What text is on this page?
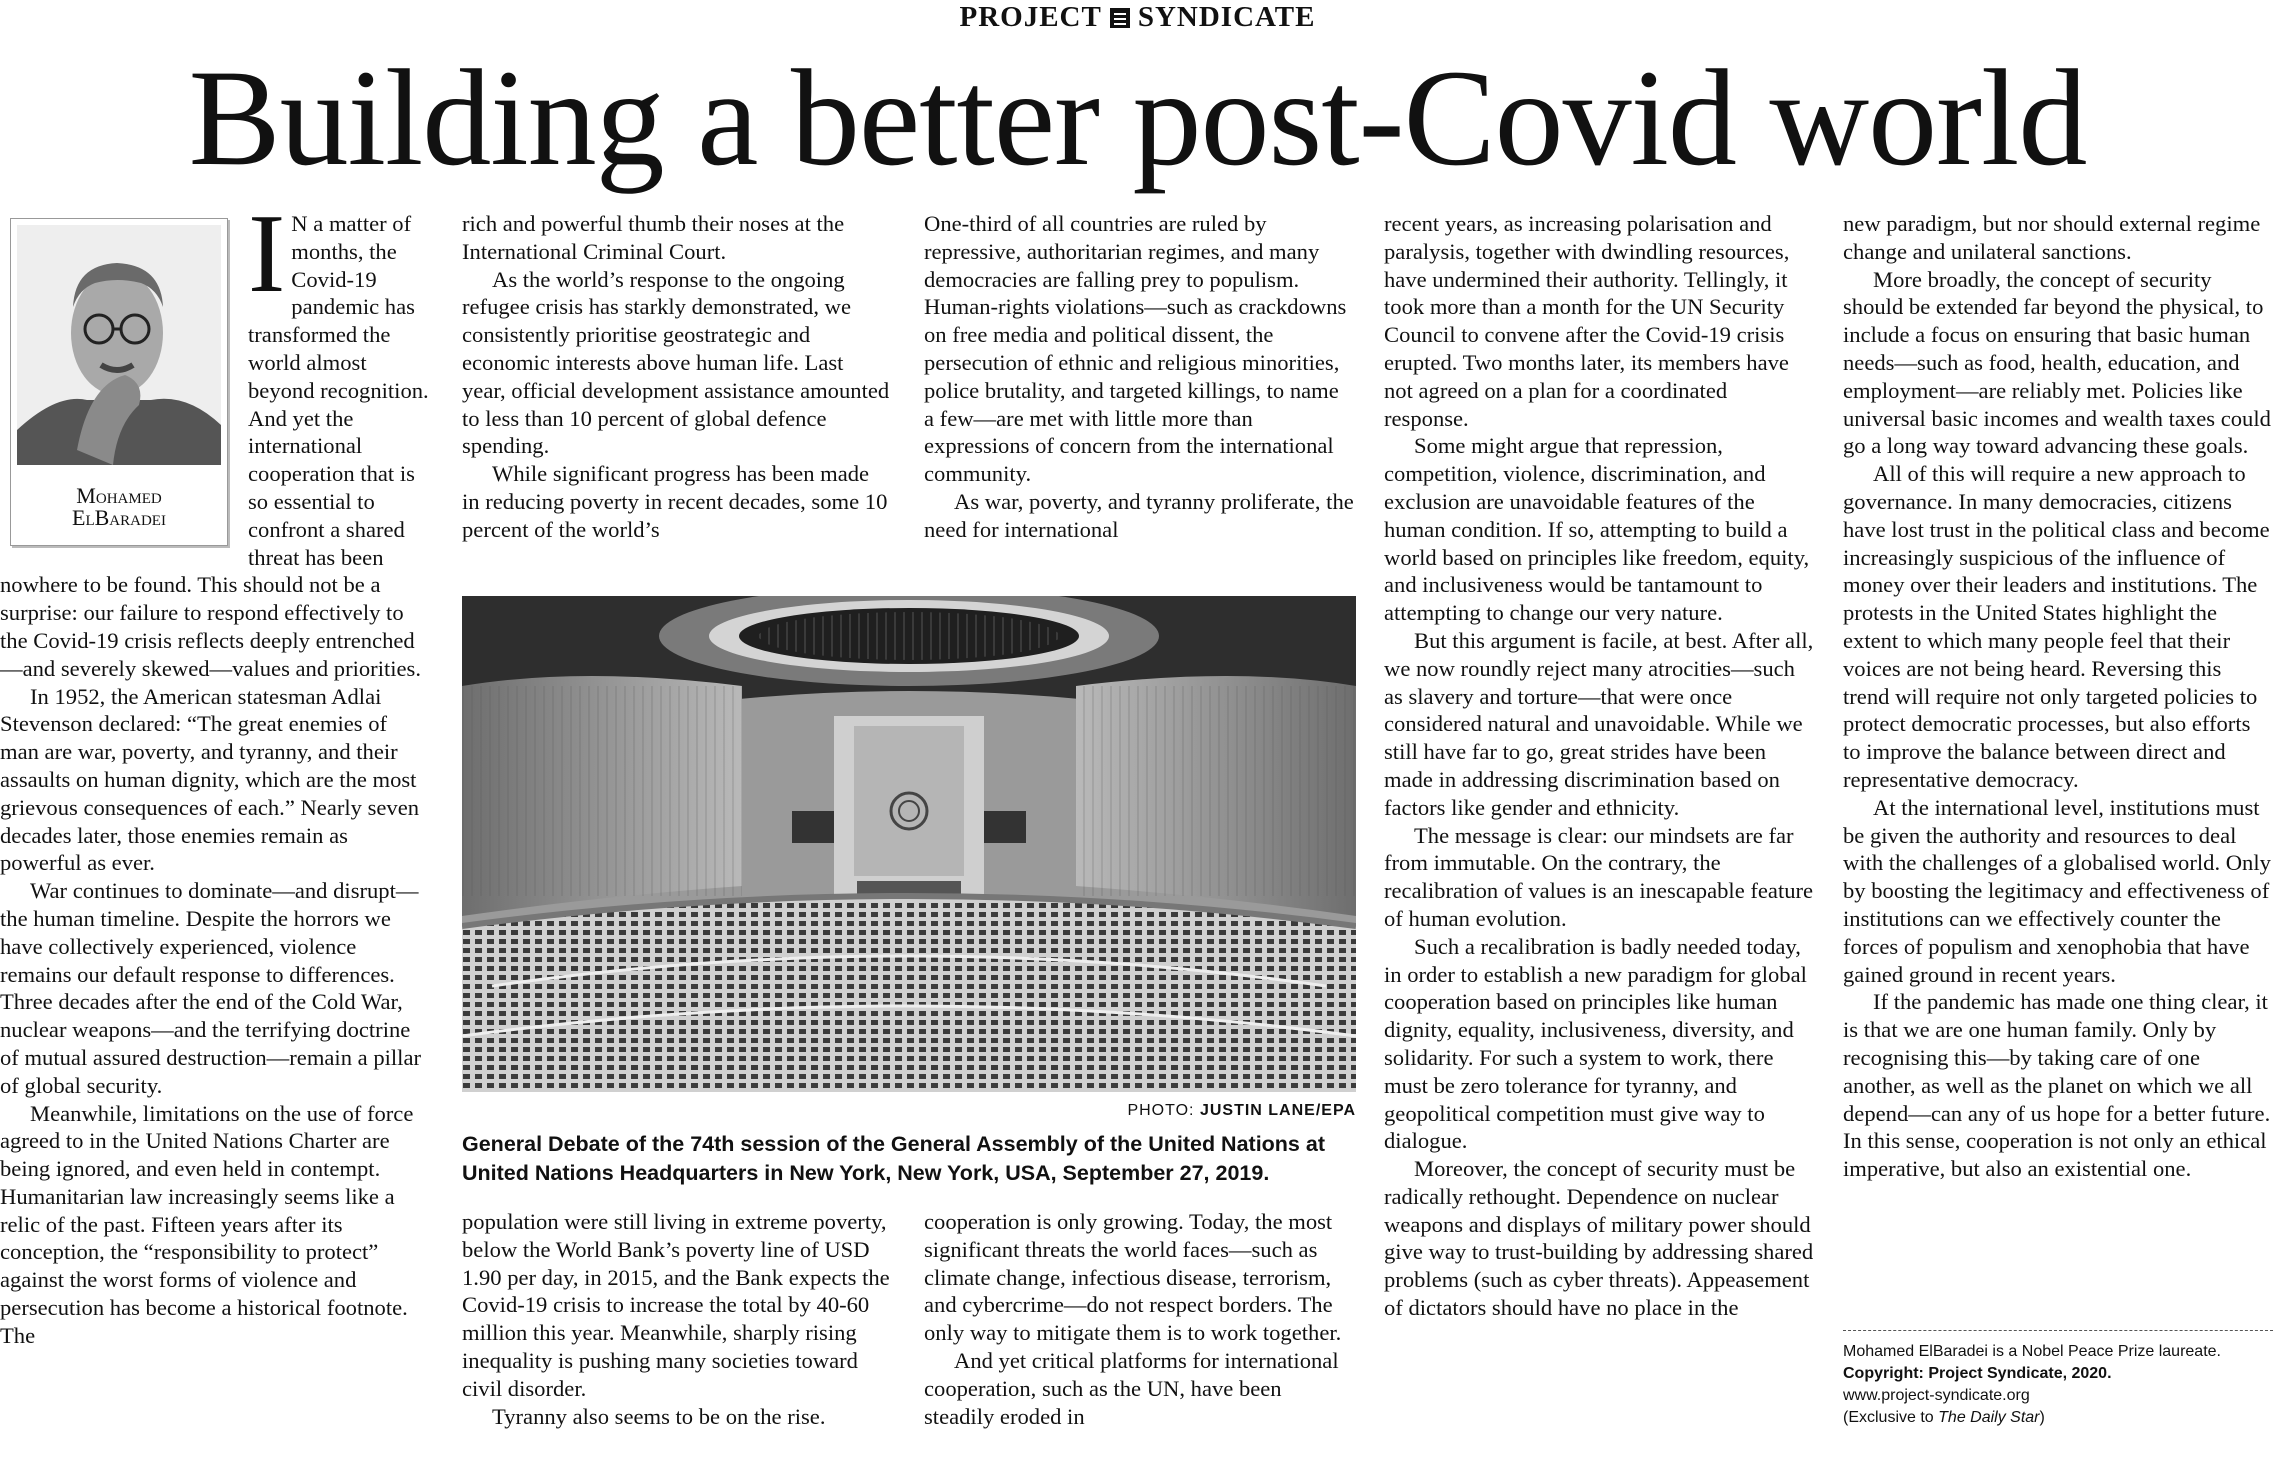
PROJECT SYNDICATE
Building a better post-Covid world
Mohamed
ElBaradei

I N a matter of months, the Covid-19 pandemic has transformed the world almost beyond recognition. And yet the international cooperation that is so essential to confront a shared threat has been nowhere to be found. This should not be a surprise: our failure to respond effectively to the Covid-19 crisis reflects deeply entrenched—and severely skewed—values and priorities.

In 1952, the American statesman Adlai Stevenson declared: “The great enemies of man are war, poverty, and tyranny, and their assaults on human dignity, which are the most grievous consequences of each.” Nearly seven decades later, those enemies remain as powerful as ever.

War continues to dominate—and disrupt—the human timeline. Despite the horrors we have collectively experienced, violence remains our default response to differences. Three decades after the end of the Cold War, nuclear weapons—and the terrifying doctrine of mutual assured destruction—remain a pillar of global security.

Meanwhile, limitations on the use of force agreed to in the United Nations Charter are being ignored, and even held in contempt. Humanitarian law increasingly seems like a relic of the past. Fifteen years after its conception, the “responsibility to protect” against the worst forms of violence and persecution has become a historical footnote. The

rich and powerful thumb their noses at the International Criminal Court.

As the world’s response to the ongoing refugee crisis has starkly demonstrated, we consistently prioritise geostrategic and economic interests above human life. Last year, official development assistance amounted to less than 10 percent of global defence spending.

While significant progress has been made in reducing poverty in recent decades, some 10 percent of the world’s

One-third of all countries are ruled by repressive, authoritarian regimes, and many democracies are falling prey to populism. Human-rights violations—such as crackdowns on free media and political dissent, the persecution of ethnic and religious minorities, police brutality, and targeted killings, to name a few—are met with little more than expressions of concern from the international community.

As war, poverty, and tyranny proliferate, the need for international

PHOTO: JUSTIN LANE/EPA
General Debate of the 74th session of the General Assembly of the United Nations at United Nations Headquarters in New York, New York, USA, September 27, 2019.

population were still living in extreme poverty, below the World Bank’s poverty line of USD 1.90 per day, in 2015, and the Bank expects the Covid-19 crisis to increase the total by 40-60 million this year. Meanwhile, sharply rising inequality is pushing many societies toward civil disorder.

Tyranny also seems to be on the rise.

cooperation is only growing. Today, the most significant threats the world faces—such as climate change, infectious disease, terrorism, and cybercrime—do not respect borders. The only way to mitigate them is to work together.

And yet critical platforms for international cooperation, such as the UN, have been steadily eroded in

recent years, as increasing polarisation and paralysis, together with dwindling resources, have undermined their authority. Tellingly, it took more than a month for the UN Security Council to convene after the Covid-19 crisis erupted. Two months later, its members have not agreed on a plan for a coordinated response.

Some might argue that repression, competition, violence, discrimination, and exclusion are unavoidable features of the human condition. If so, attempting to build a world based on principles like freedom, equity, and inclusiveness would be tantamount to attempting to change our very nature.

But this argument is facile, at best. After all, we now roundly reject many atrocities—such as slavery and torture—that were once considered natural and unavoidable. While we still have far to go, great strides have been made in addressing discrimination based on factors like gender and ethnicity.

The message is clear: our mindsets are far from immutable. On the contrary, the recalibration of values is an inescapable feature of human evolution.

Such a recalibration is badly needed today, in order to establish a new paradigm for global cooperation based on principles like human dignity, equality, inclusiveness, diversity, and solidarity. For such a system to work, there must be zero tolerance for tyranny, and geopolitical competition must give way to dialogue.

Moreover, the concept of security must be radically rethought. Dependence on nuclear weapons and displays of military power should give way to trust-building by addressing shared problems (such as cyber threats). Appeasement of dictators should have no place in the

new paradigm, but nor should external regime change and unilateral sanctions.

More broadly, the concept of security should be extended far beyond the physical, to include a focus on ensuring that basic human needs—such as food, health, education, and employment—are reliably met. Policies like universal basic incomes and wealth taxes could go a long way toward advancing these goals.

All of this will require a new approach to governance. In many democracies, citizens have lost trust in the political class and become increasingly suspicious of the influence of money over their leaders and institutions. The protests in the United States highlight the extent to which many people feel that their voices are not being heard. Reversing this trend will require not only targeted policies to protect democratic processes, but also efforts to improve the balance between direct and representative democracy.

At the international level, institutions must be given the authority and resources to deal with the challenges of a globalised world. Only by boosting the legitimacy and effectiveness of institutions can we effectively counter the forces of populism and xenophobia that have gained ground in recent years.

If the pandemic has made one thing clear, it is that we are one human family. Only by recognising this—by taking care of one another, as well as the planet on which we all depend—can any of us hope for a better future. In this sense, cooperation is not only an ethical imperative, but also an existential one.

Mohamed ElBaradei is a Nobel Peace Prize laureate.
Copyright: Project Syndicate, 2020.
www.project-syndicate.org
(Exclusive to The Daily Star)
